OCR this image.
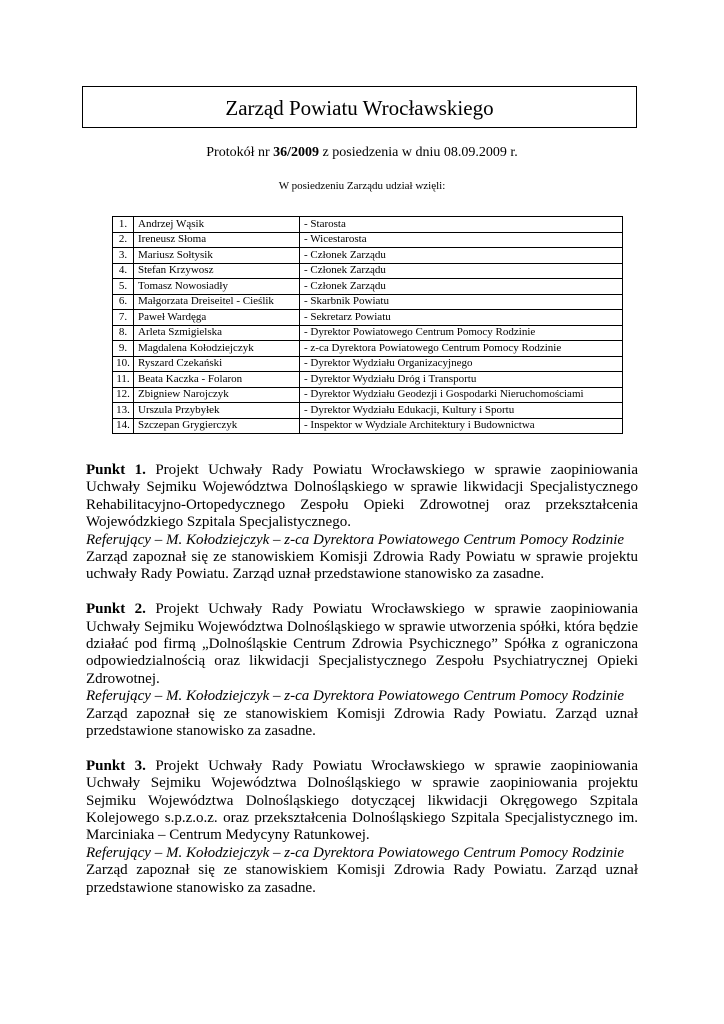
Zarząd Powiatu Wrocławskiego
Protokół nr 36/2009 z posiedzenia w dniu 08.09.2009 r.
W posiedzeniu Zarządu udział wzięli:
1.	Andrzej Wąsik	- Starosta
2.	Ireneusz Słoma	- Wicestarosta
3.	Mariusz Sołtysik	- Członek Zarządu
4.	Stefan Krzywosz	- Członek Zarządu
5.	Tomasz Nowosiadły	- Członek Zarządu
6.	Małgorzata Dreiseitel - Cieślik	- Skarbnik Powiatu
7.	Paweł Wardęga	- Sekretarz Powiatu
8.	Arleta Szmigielska	- Dyrektor Powiatowego Centrum Pomocy Rodzinie
9.	Magdalena Kołodziejczyk	- z-ca Dyrektora Powiatowego Centrum Pomocy Rodzinie
10.	Ryszard Czekański	- Dyrektor Wydziału Organizacyjnego
11.	Beata Kaczka - Folaron	- Dyrektor Wydziału Dróg i Transportu
12.	Zbigniew Narojczyk	- Dyrektor Wydziału Geodezji i Gospodarki Nieruchomościami
13.	Urszula Przybyłek	- Dyrektor Wydziału Edukacji, Kultury i Sportu
14.	Szczepan Grygierczyk	- Inspektor w Wydziale Architektury i Budownictwa
Punkt 1. Projekt Uchwały Rady Powiatu Wrocławskiego w sprawie zaopiniowania
Uchwały Sejmiku Województwa Dolnośląskiego w sprawie likwidacji Specjalistycznego
Rehabilitacyjno-Ortopedycznego Zespołu Opieki Zdrowotnej oraz przekształcenia
Wojewódzkiego Szpitala Specjalistycznego.
Referujący – M. Kołodziejczyk – z-ca Dyrektora Powiatowego Centrum Pomocy Rodzinie
Zarząd zapoznał się ze stanowiskiem Komisji Zdrowia Rady Powiatu w sprawie projektu
uchwały Rady Powiatu. Zarząd uznał przedstawione stanowisko za zasadne.
Punkt 2. Projekt Uchwały Rady Powiatu Wrocławskiego w sprawie zaopiniowania
Uchwały Sejmiku Województwa Dolnośląskiego w sprawie utworzenia spółki, która będzie
działać pod firmą „Dolnośląskie Centrum Zdrowia Psychicznego” Spółka z ograniczona
odpowiedzialnością oraz likwidacji Specjalistycznego Zespołu Psychiatrycznej Opieki
Zdrowotnej.
Referujący – M. Kołodziejczyk – z-ca Dyrektora Powiatowego Centrum Pomocy Rodzinie
Zarząd zapoznał się ze stanowiskiem Komisji Zdrowia Rady Powiatu. Zarząd uznał
przedstawione stanowisko za zasadne.
Punkt 3. Projekt Uchwały Rady Powiatu Wrocławskiego w sprawie zaopiniowania
Uchwały Sejmiku Województwa Dolnośląskiego w sprawie zaopiniowania projektu
Sejmiku Województwa Dolnośląskiego dotyczącej likwidacji Okręgowego Szpitala
Kolejowego s.p.z.o.z. oraz przekształcenia Dolnośląskiego Szpitala Specjalistycznego im.
Marciniaka – Centrum Medycyny Ratunkowej.
Referujący – M. Kołodziejczyk – z-ca Dyrektora Powiatowego Centrum Pomocy Rodzinie
Zarząd zapoznał się ze stanowiskiem Komisji Zdrowia Rady Powiatu. Zarząd uznał
przedstawione stanowisko za zasadne.
